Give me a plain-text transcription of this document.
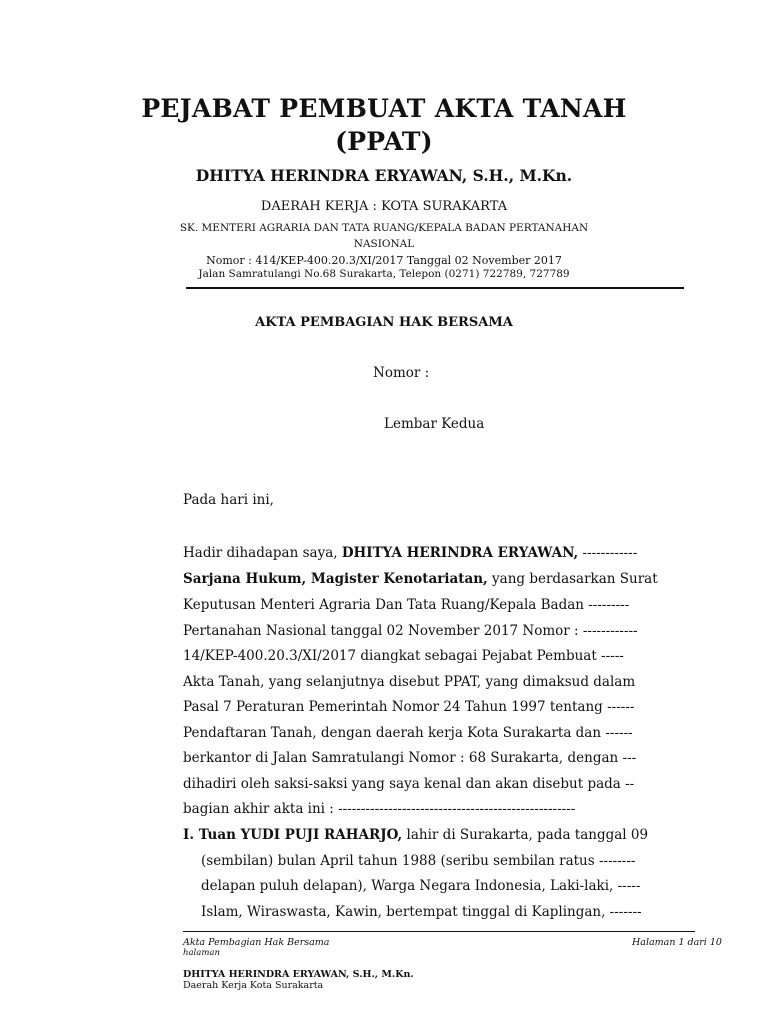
PEJABAT PEMBUAT AKTA TANAH
(PPAT)
DHITYA HERINDRA ERYAWAN, S.H., M.Kn.
DAERAH KERJA : KOTA SURAKARTA
SK. MENTERI AGRARIA DAN TATA RUANG/KEPALA BADAN PERTANAHAN
NASIONAL
Nomor : 414/KEP-400.20.3/XI/2017 Tanggal 02 November 2017
Jalan Samratulangi No.68 Surakarta, Telepon (0271) 722789, 727789
AKTA PEMBAGIAN HAK BERSAMA
Nomor :
Lembar Kedua
Pada hari ini,
Hadir dihadapan saya, DHITYA HERINDRA ERYAWAN, ------------
Sarjana Hukum, Magister Kenotariatan, yang berdasarkan Surat
Keputusan Menteri Agraria Dan Tata Ruang/Kepala Badan ---------
Pertanahan Nasional tanggal 02 November 2017 Nomor : ------------
14/KEP-400.20.3/XI/2017 diangkat sebagai Pejabat Pembuat -----
Akta Tanah, yang selanjutnya disebut PPAT, yang dimaksud dalam
Pasal 7 Peraturan Pemerintah Nomor 24 Tahun 1997 tentang ------
Pendaftaran Tanah, dengan daerah kerja Kota Surakarta dan ------
berkantor di Jalan Samratulangi Nomor : 68 Surakarta, dengan ---
dihadiri oleh saksi-saksi yang saya kenal dan akan disebut pada --
bagian akhir akta ini : ----------------------------------------------------
I. Tuan YUDI PUJI RAHARJO, lahir di Surakarta, pada tanggal 09
(sembilan) bulan April tahun 1988 (seribu sembilan ratus --------
delapan puluh delapan), Warga Negara Indonesia, Laki-laki, -----
Islam, Wiraswasta, Kawin, bertempat tinggal di Kaplingan, -------
Akta Pembagian Hak Bersama
halaman
Halaman 1 dari 10
DHITYA HERINDRA ERYAWAN, S.H., M.Kn.
Daerah Kerja Kota Surakarta
